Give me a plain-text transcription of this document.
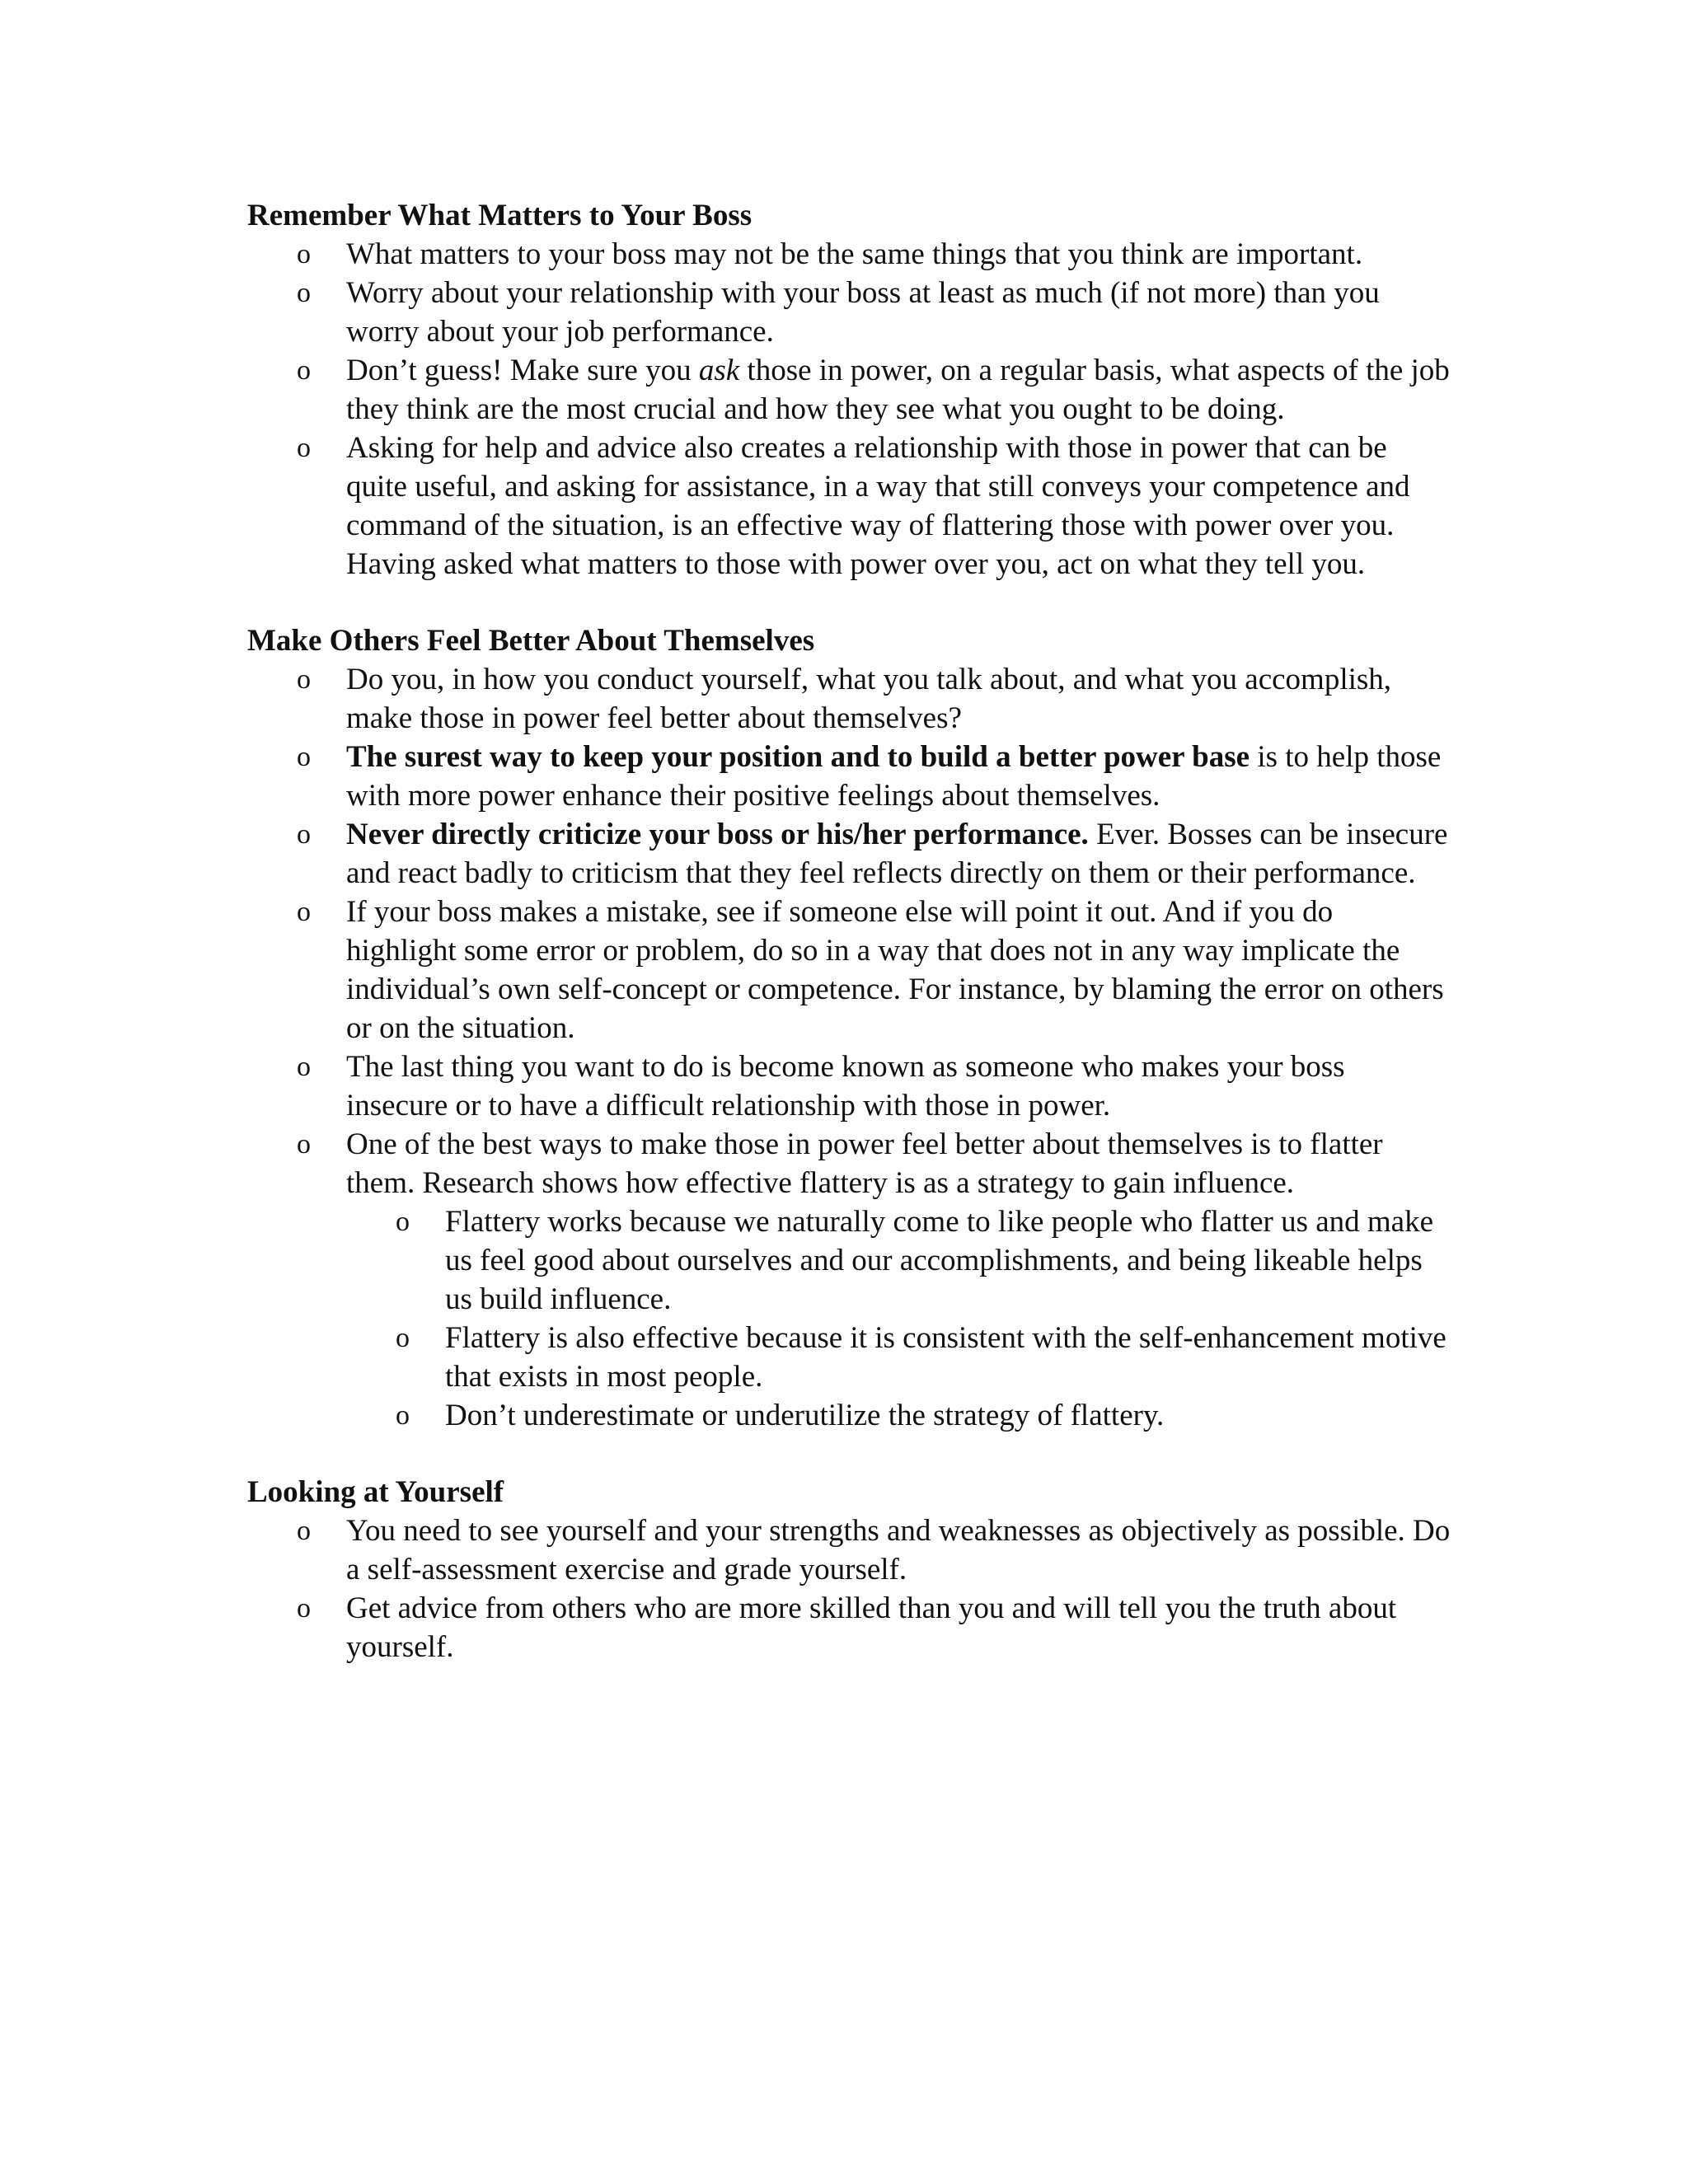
Remember What Matters to Your Boss

o What matters to your boss may not be the same things that you think are important.
o Worry about your relationship with your boss at least as much (if not more) than you worry about your job performance.
o Don’t guess! Make sure you ask those in power, on a regular basis, what aspects of the job they think are the most crucial and how they see what you ought to be doing.
o Asking for help and advice also creates a relationship with those in power that can be quite useful, and asking for assistance, in a way that still conveys your competence and command of the situation, is an effective way of flattering those with power over you. Having asked what matters to those with power over you, act on what they tell you.

Make Others Feel Better About Themselves

o Do you, in how you conduct yourself, what you talk about, and what you accomplish, make those in power feel better about themselves?
o The surest way to keep your position and to build a better power base is to help those with more power enhance their positive feelings about themselves.
o Never directly criticize your boss or his/her performance. Ever. Bosses can be insecure and react badly to criticism that they feel reflects directly on them or their performance.
o If your boss makes a mistake, see if someone else will point it out. And if you do highlight some error or problem, do so in a way that does not in any way implicate the individual’s own self-concept or competence. For instance, by blaming the error on others or on the situation.
o The last thing you want to do is become known as someone who makes your boss insecure or to have a difficult relationship with those in power.
o One of the best ways to make those in power feel better about themselves is to flatter them. Research shows how effective flattery is as a strategy to gain influence.
o Flattery works because we naturally come to like people who flatter us and make us feel good about ourselves and our accomplishments, and being likeable helps us build influence.
o Flattery is also effective because it is consistent with the self-enhancement motive that exists in most people.
o Don’t underestimate or underutilize the strategy of flattery.

Looking at Yourself

o You need to see yourself and your strengths and weaknesses as objectively as possible. Do a self-assessment exercise and grade yourself.
o Get advice from others who are more skilled than you and will tell you the truth about yourself.
